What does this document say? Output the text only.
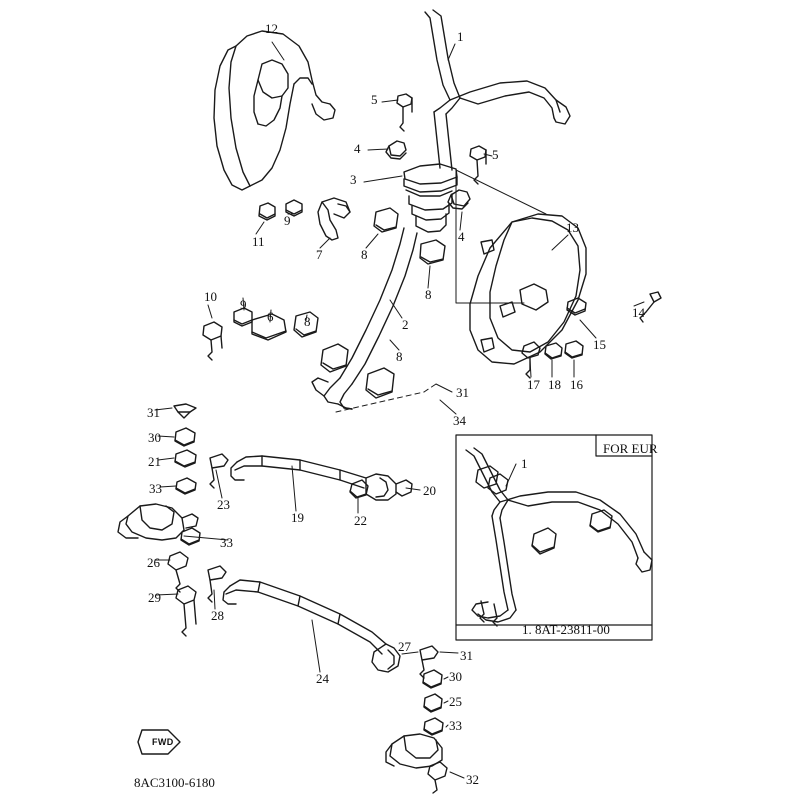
1
2
3
4
4
5
5
6
7	8
8
8
8
9
9
10
11
12
13
14
15
16
17 18
19
20
21
22
23
24
25
26
27
28
29
30
30
31
31
31
32
33
33
33
34
FOR EUR
1
1. 8AT-23811-00
8AC3100-6180
FWD
